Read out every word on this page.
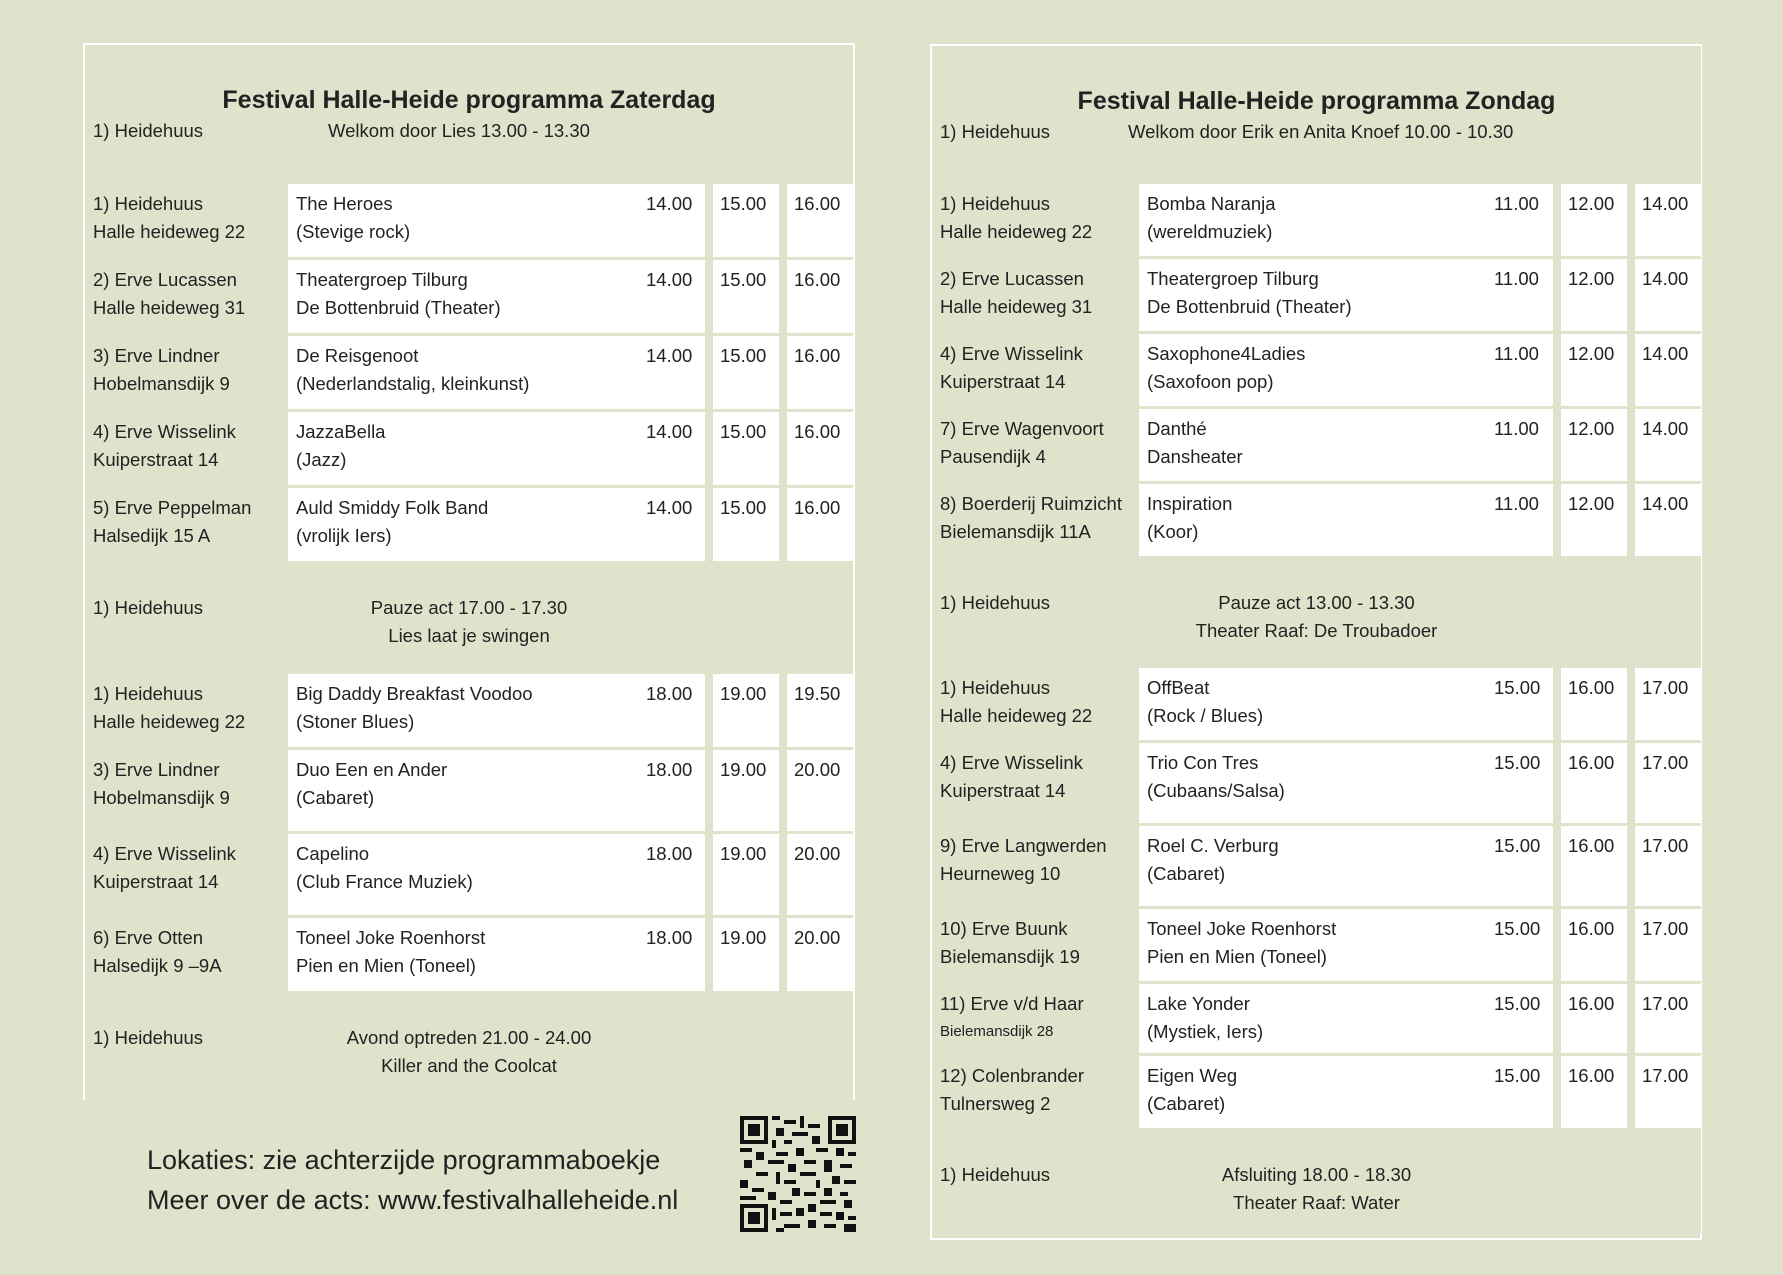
Festival Halle-Heide programma Zaterdag
1) Heidehuus Welkom door Lies 13.00 - 13.30						

1) Heidehuus
Halle heideweg 22	The Heroes
(Stevige rock)	14.00		15.00		16.00

2) Erve Lucassen
Halle heideweg 31	Theatergroep Tilburg
De Bottenbruid (Theater)	14.00		15.00		16.00

3) Erve Lindner
Hobelmansdijk 9	De Reisgenoot
(Nederlandstalig, kleinkunst)	14.00		15.00		16.00

4) Erve Wisselink
Kuiperstraat 14	JazzaBella
(Jazz)	14.00		15.00		16.00

5) Erve Peppelman
Halsedijk 15 A	Auld Smiddy Folk Band
(vrolijk Iers)	14.00		15.00		16.00

1) Heidehuus Pauze act 17.00 - 17.30
Lies laat je swingen						

1) Heidehuus
Halle heideweg 22	Big Daddy Breakfast Voodoo
(Stoner Blues)	18.00		19.00		19.50

3) Erve Lindner
Hobelmansdijk 9	Duo Een en Ander
(Cabaret)	18.00		19.00		20.00

4) Erve Wisselink
Kuiperstraat 14	Capelino
(Club France Muziek)	18.00		19.00		20.00

6) Erve Otten
Halsedijk 9 –9A	Toneel Joke Roenhorst
Pien en Mien (Toneel)	18.00		19.00		20.00

1) Heidehuus Avond optreden 21.00 - 24.00
Killer and the Coolcat						
Festival Halle-Heide programma Zondag
1) Heidehuus Welkom door Erik en Anita Knoef 10.00 - 10.30						

1) Heidehuus
Halle heideweg 22	Bomba Naranja
(wereldmuziek)	11.00		12.00		14.00

2) Erve Lucassen
Halle heideweg 31	Theatergroep Tilburg
De Bottenbruid (Theater)	11.00		12.00		14.00

4) Erve Wisselink
Kuiperstraat 14	Saxophone4Ladies
(Saxofoon pop)	11.00		12.00		14.00

7) Erve Wagenvoort
Pausendijk 4	Danthé
Dansheater	11.00		12.00		14.00

8) Boerderij Ruimzicht
Bielemansdijk 11A	Inspiration
(Koor)	11.00		12.00		14.00

1) Heidehuus Pauze act 13.00 - 13.30
Theater Raaf: De Troubadoer						

1) Heidehuus
Halle heideweg 22	OffBeat
(Rock / Blues)	15.00		16.00		17.00

4) Erve Wisselink
Kuiperstraat 14	Trio Con Tres
(Cubaans/Salsa)	15.00		16.00		17.00

9) Erve Langwerden
Heurneweg 10	Roel C. Verburg
(Cabaret)	15.00		16.00		17.00

10) Erve Buunk
Bielemansdijk 19	Toneel Joke Roenhorst
Pien en Mien (Toneel)	15.00		16.00		17.00

11) Erve v/d Haar
Bielemansdijk 28	Lake Yonder
(Mystiek, Iers)	15.00		16.00		17.00

12) Colenbrander
Tulnersweg 2	Eigen Weg
(Cabaret)	15.00		16.00		17.00

1) Heidehuus Afsluiting 18.00 - 18.30
Theater Raaf: Water						
Lokaties: zie achterzijde programmaboekje
Meer over de acts: www.festivalhalleheide.nl
